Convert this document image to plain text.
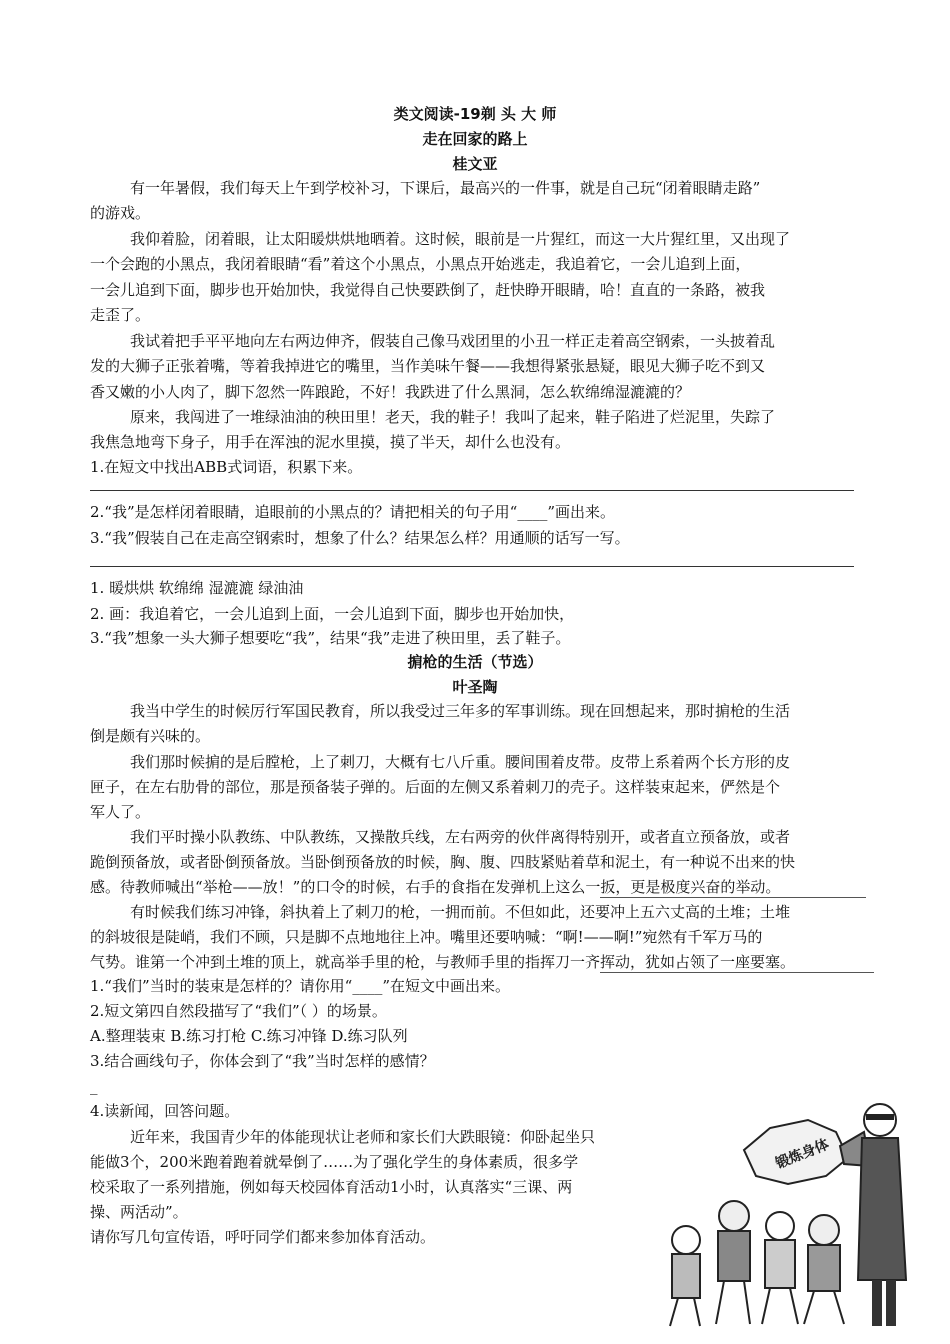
类文阅读-19剃 头 大 师
走在回家的路上
桂文亚
有一年暑假，我们每天上午到学校补习，下课后，最高兴的一件事，就是自己玩“闭着眼睛走路”
的游戏。
我仰着脸，闭着眼，让太阳暖烘烘地晒着。这时候，眼前是一片猩红，而这一大片猩红里，又出现了
一个会跑的小黑点，我闭着眼睛“看”着这个小黑点，小黑点开始逃走，我追着它，一会儿追到上面，
一会儿追到下面，脚步也开始加快，我觉得自己快要跌倒了，赶快睁开眼睛，哈！直直的一条路，被我
走歪了。
我试着把手平平地向左右两边伸齐，假装自己像马戏团里的小丑一样正走着高空钢索，一头披着乱
发的大狮子正张着嘴，等着我掉进它的嘴里，当作美味午餐——我想得紧张悬疑，眼见大狮子吃不到又
香又嫩的小人肉了，脚下忽然一阵踉跄，不好！我跌进了什么黑洞，怎么软绵绵湿漉漉的？
原来，我闯进了一堆绿油油的秧田里！老天，我的鞋子！我叫了起来，鞋子陷进了烂泥里，失踪了
我焦急地弯下身子，用手在浑浊的泥水里摸，摸了半天，却什么也没有。
1.在短文中找出ABB式词语，积累下来。
2.“我”是怎样闭着眼睛，追眼前的小黑点的？请把相关的句子用“____”画出来。
3.“我”假装自己在走高空钢索时，想象了什么？结果怎么样？用通顺的话写一写。
1. 暖烘烘 软绵绵 湿漉漉 绿油油
2. 画：我追着它，一会儿追到上面，一会儿追到下面，脚步也开始加快，
3.“我”想象一头大狮子想要吃“我”，结果“我”走进了秧田里，丢了鞋子。
掮枪的生活（节选）
叶圣陶
我当中学生的时候厉行军国民教育，所以我受过三年多的军事训练。现在回想起来，那时掮枪的生活
倒是颇有兴味的。
我们那时候掮的是后膛枪，上了刺刀，大概有七八斤重。腰间围着皮带。皮带上系着两个长方形的皮
匣子，在左右肋骨的部位，那是预备装子弹的。后面的左侧又系着刺刀的壳子。这样装束起来，俨然是个
军人了。
我们平时操小队教练、中队教练，又操散兵线，左右两旁的伙伴离得特别开，或者直立预备放，或者
跪倒预备放，或者卧倒预备放。当卧倒预备放的时候，胸、腹、四肢紧贴着草和泥土，有一种说不出来的快
感。待教师喊出“举枪——放！”的口令的时候，右手的食指在发弹机上这么一扳，更是极度兴奋的举动。
有时候我们练习冲锋，斜执着上了刺刀的枪，一拥而前。不但如此，还要冲上五六丈高的土堆；土堆
的斜坡很是陡峭，我们不顾，只是脚不点地地往上冲。嘴里还要呐喊：“啊!——啊!”宛然有千军万马的
气势。谁第一个冲到土堆的顶上，就高举手里的枪，与教师手里的指挥刀一齐挥动，犹如占领了一座要塞。
1.“我们”当时的装束是怎样的？请你用“____”在短文中画出来。
2.短文第四自然段描写了“我们”（ ）的场景。
A.整理装束 B.练习打枪 C.练习冲锋 D.练习队列
3.结合画线句子，你体会到了“我”当时怎样的感情？
_
4.读新闻，回答问题。
近年来，我国青少年的体能现状让老师和家长们大跌眼镜：仰卧起坐只
能做3个，200米跑着跑着就晕倒了……为了强化学生的身体素质，很多学
校采取了一系列措施，例如每天校园体育活动1小时，认真落实“三课、两
操、两活动”。
请你写几句宣传语，呼吁同学们都来参加体育活动。
锻炼身体
